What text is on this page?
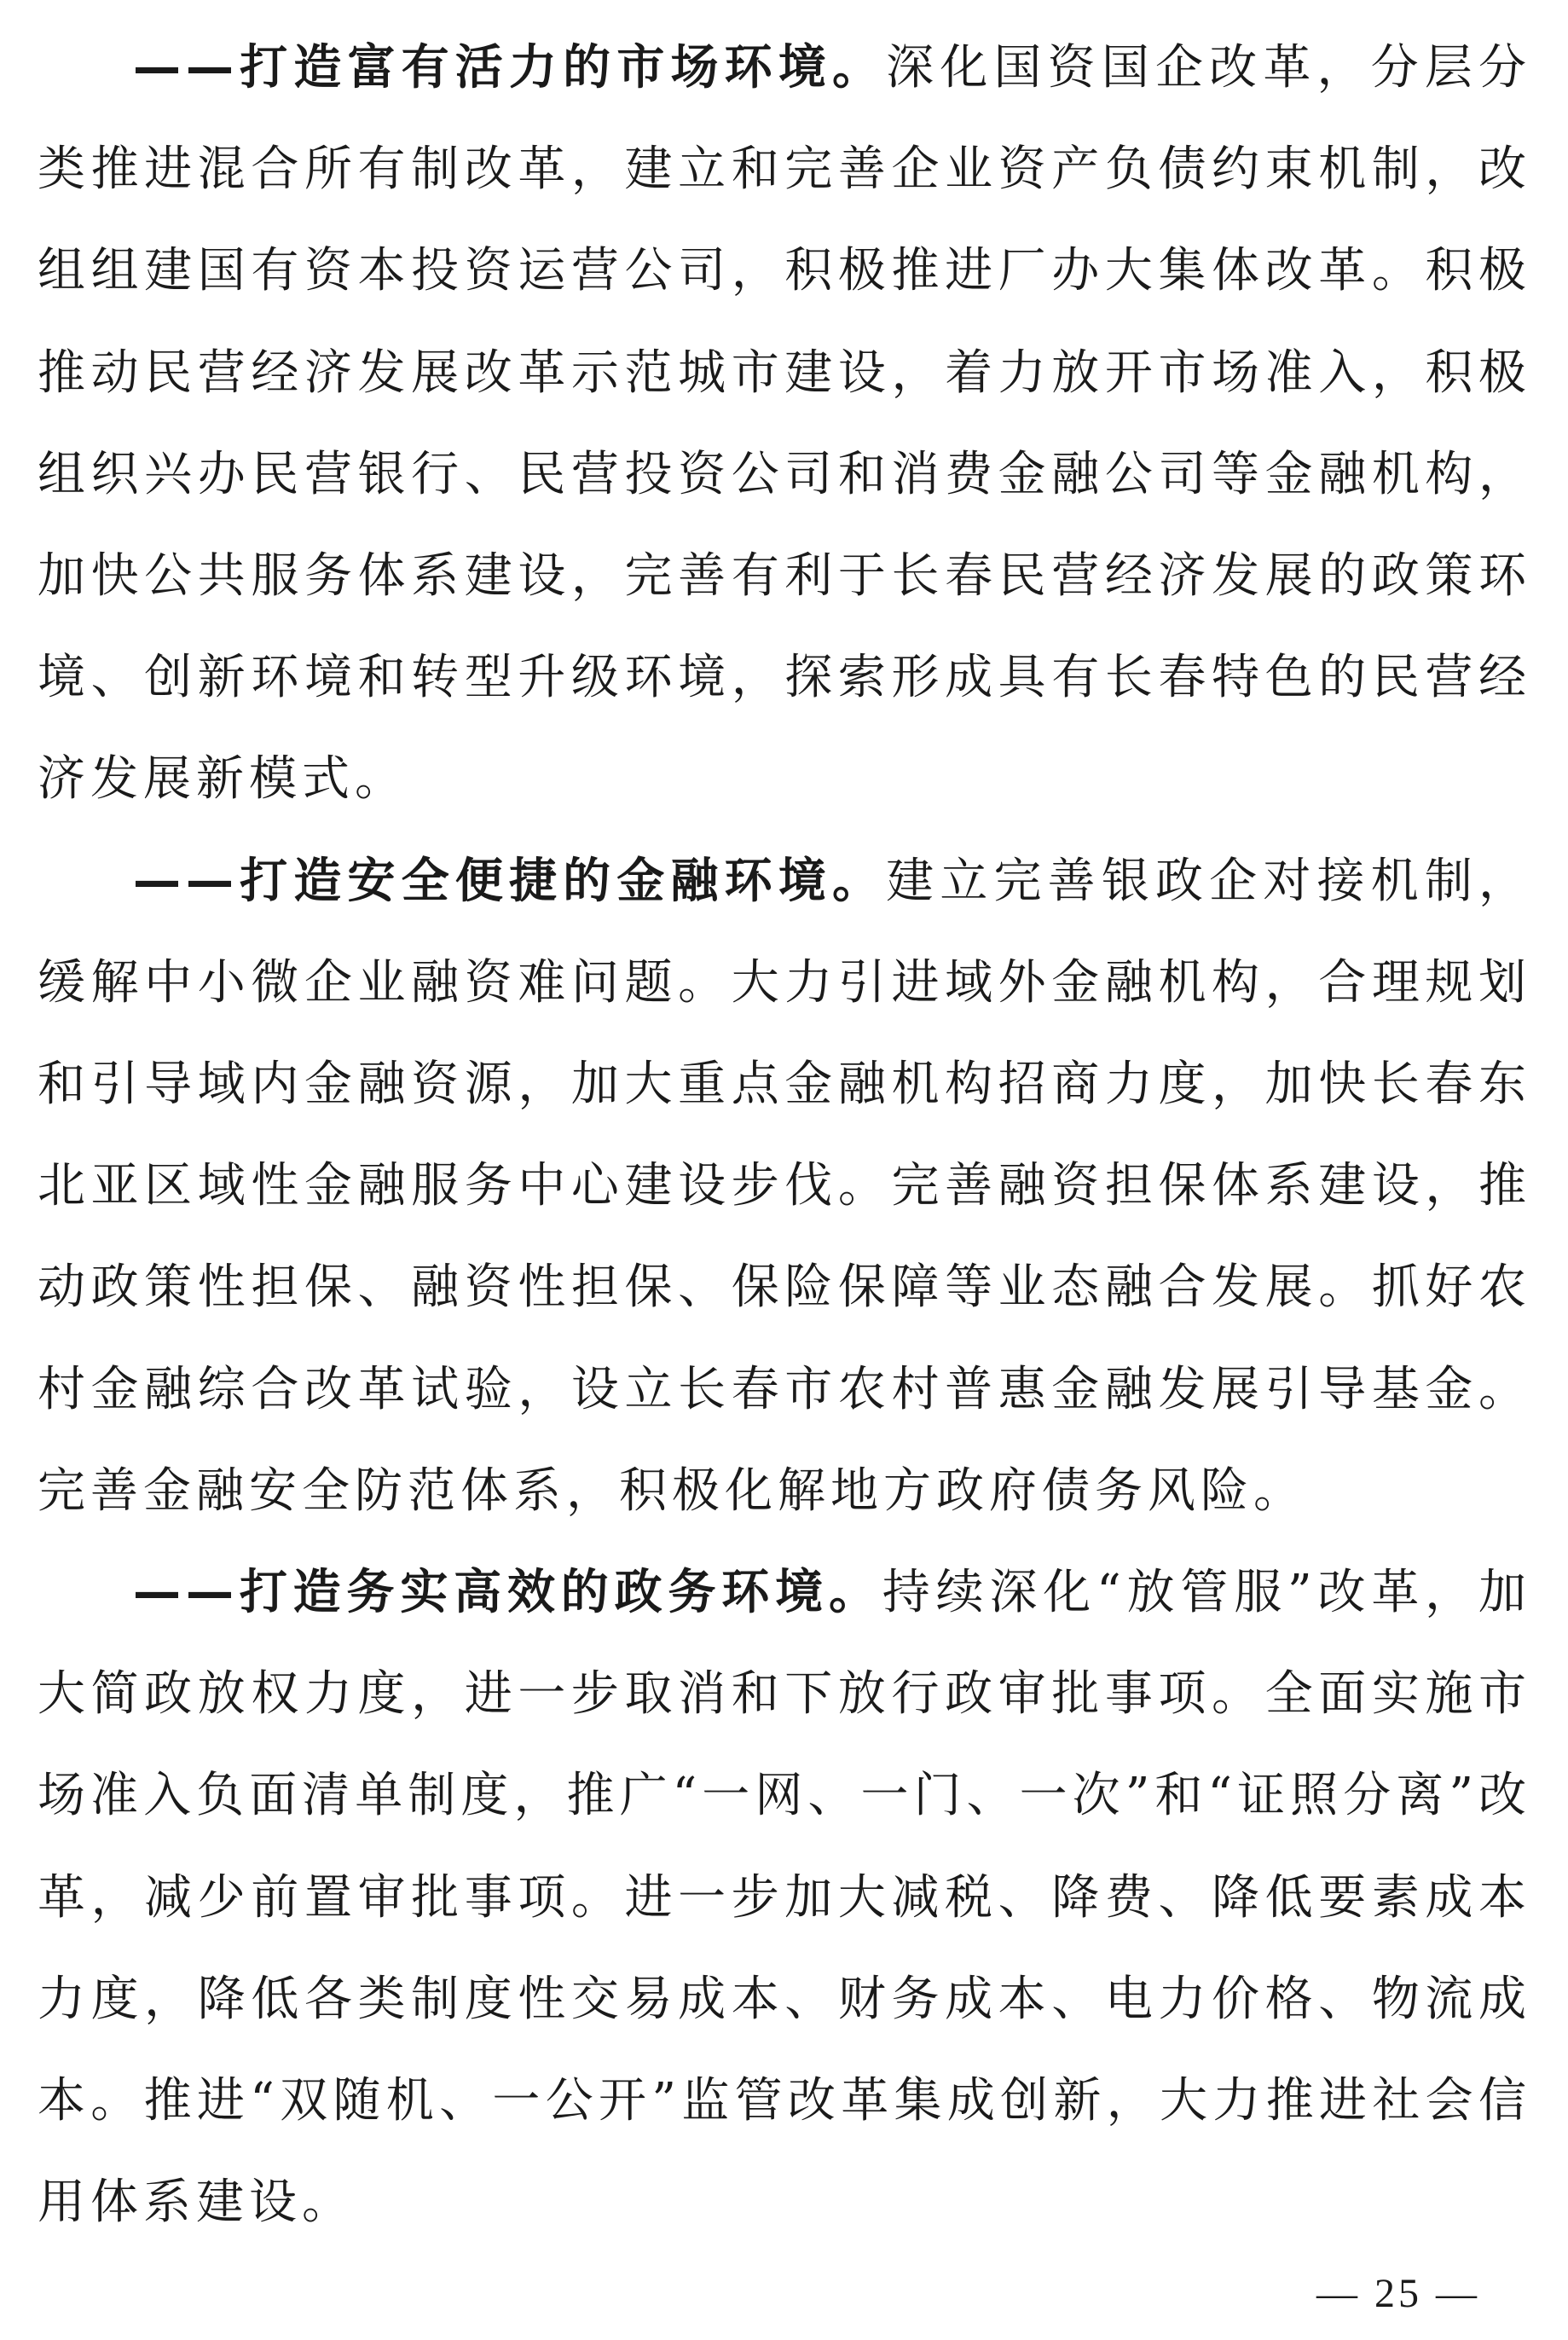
——打造富有活力的市场环境。深化国资国企改革，分层分类推进混合所有制改革，建立和完善企业资产负债约束机制，改组组建国有资本投资运营公司，积极推进厂办大集体改革。积极推动民营经济发展改革示范城市建设，着力放开市场准入，积极组织兴办民营银行、民营投资公司和消费金融公司等金融机构，加快公共服务体系建设，完善有利于长春民营经济发展的政策环境、创新环境和转型升级环境，探索形成具有长春特色的民营经济发展新模式。

——打造安全便捷的金融环境。建立完善银政企对接机制，缓解中小微企业融资难问题。大力引进域外金融机构，合理规划和引导域内金融资源，加大重点金融机构招商力度，加快长春东北亚区域性金融服务中心建设步伐。完善融资担保体系建设，推动政策性担保、融资性担保、保险保障等业态融合发展。抓好农村金融综合改革试验，设立长春市农村普惠金融发展引导基金。完善金融安全防范体系，积极化解地方政府债务风险。

——打造务实高效的政务环境。持续深化“放管服”改革，加大简政放权力度，进一步取消和下放行政审批事项。全面实施市场准入负面清单制度，推广“一网、一门、一次”和“证照分离”改革，减少前置审批事项。进一步加大减税、降费、降低要素成本力度，降低各类制度性交易成本、财务成本、电力价格、物流成本。推进“双随机、一公开”监管改革集成创新，大力推进社会信用体系建设。

— 25 —
